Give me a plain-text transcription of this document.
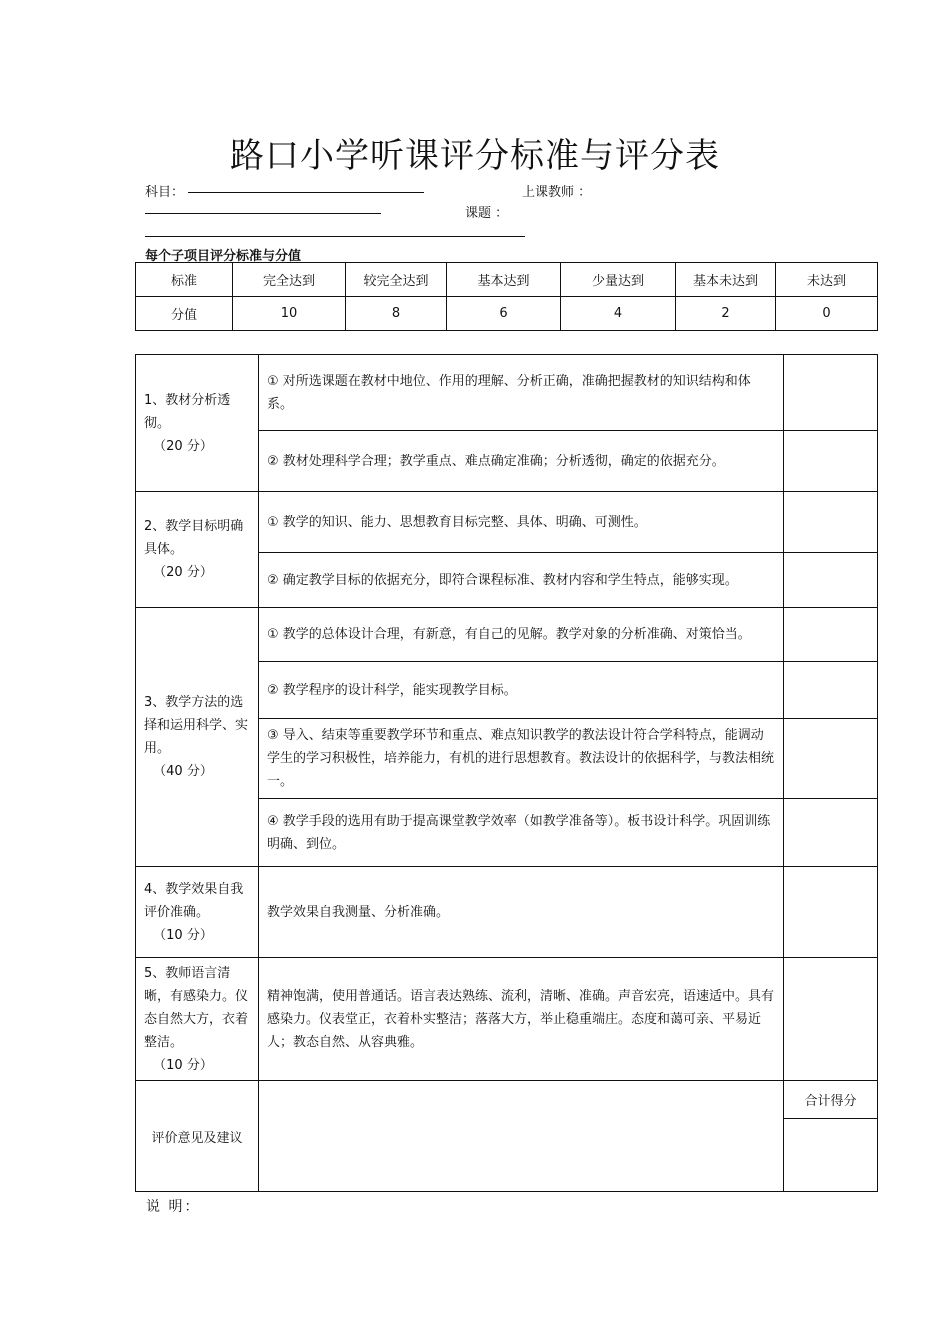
路口小学听课评分标准与评分表
科目：	上课教师 ：
课题 ：
每个子项目评分标准与分值
标准	完全达到	较完全达到	基本达到	少量达到	基本未达到	未达到
分值	10	8	6	4	2	0
1、教材分析透彻。
（20 分）	① 对所选课题在教材中地位、作用的理解、分析正确，准确把握教材的知识结构和体系。	
	② 教材处理科学合理；教学重点、难点确定准确；分析透彻，确定的依据充分。	
2、教学目标明确具体。
（20 分）	① 教学的知识、能力、思想教育目标完整、具体、明确、可测性。	
	② 确定教学目标的依据充分，即符合课程标准、教材内容和学生特点，能够实现。	
3、教学方法的选择和运用科学、实用。
（40 分）	① 教学的总体设计合理，有新意，有自己的见解。教学对象的分析准确、对策恰当。	
	② 教学程序的设计科学，能实现教学目标。	
	③ 导入、结束等重要教学环节和重点、难点知识教学的教法设计符合学科特点，能调动学生的学习积极性，培养能力，有机的进行思想教育。教法设计的依据科学，与教法相统一。	
	④ 教学手段的选用有助于提高课堂教学效率（如教学准备等）。板书设计科学。巩固训练明确、到位。	
4、教学效果自我评价准确。
（10 分）	教学效果自我测量、分析准确。	
5、教师语言清晰，有感染力。仪态自然大方，衣着整洁。
（10 分）	精神饱满，使用普通话。语言表达熟练、流利，清晰、准确。声音宏亮，语速适中。具有感染力。仪表堂正，衣着朴实整洁；落落大方，举止稳重端庄。态度和蔼可亲、平易近人；教态自然、从容典雅。	
评价意见及建议		合计得分

说 明：
